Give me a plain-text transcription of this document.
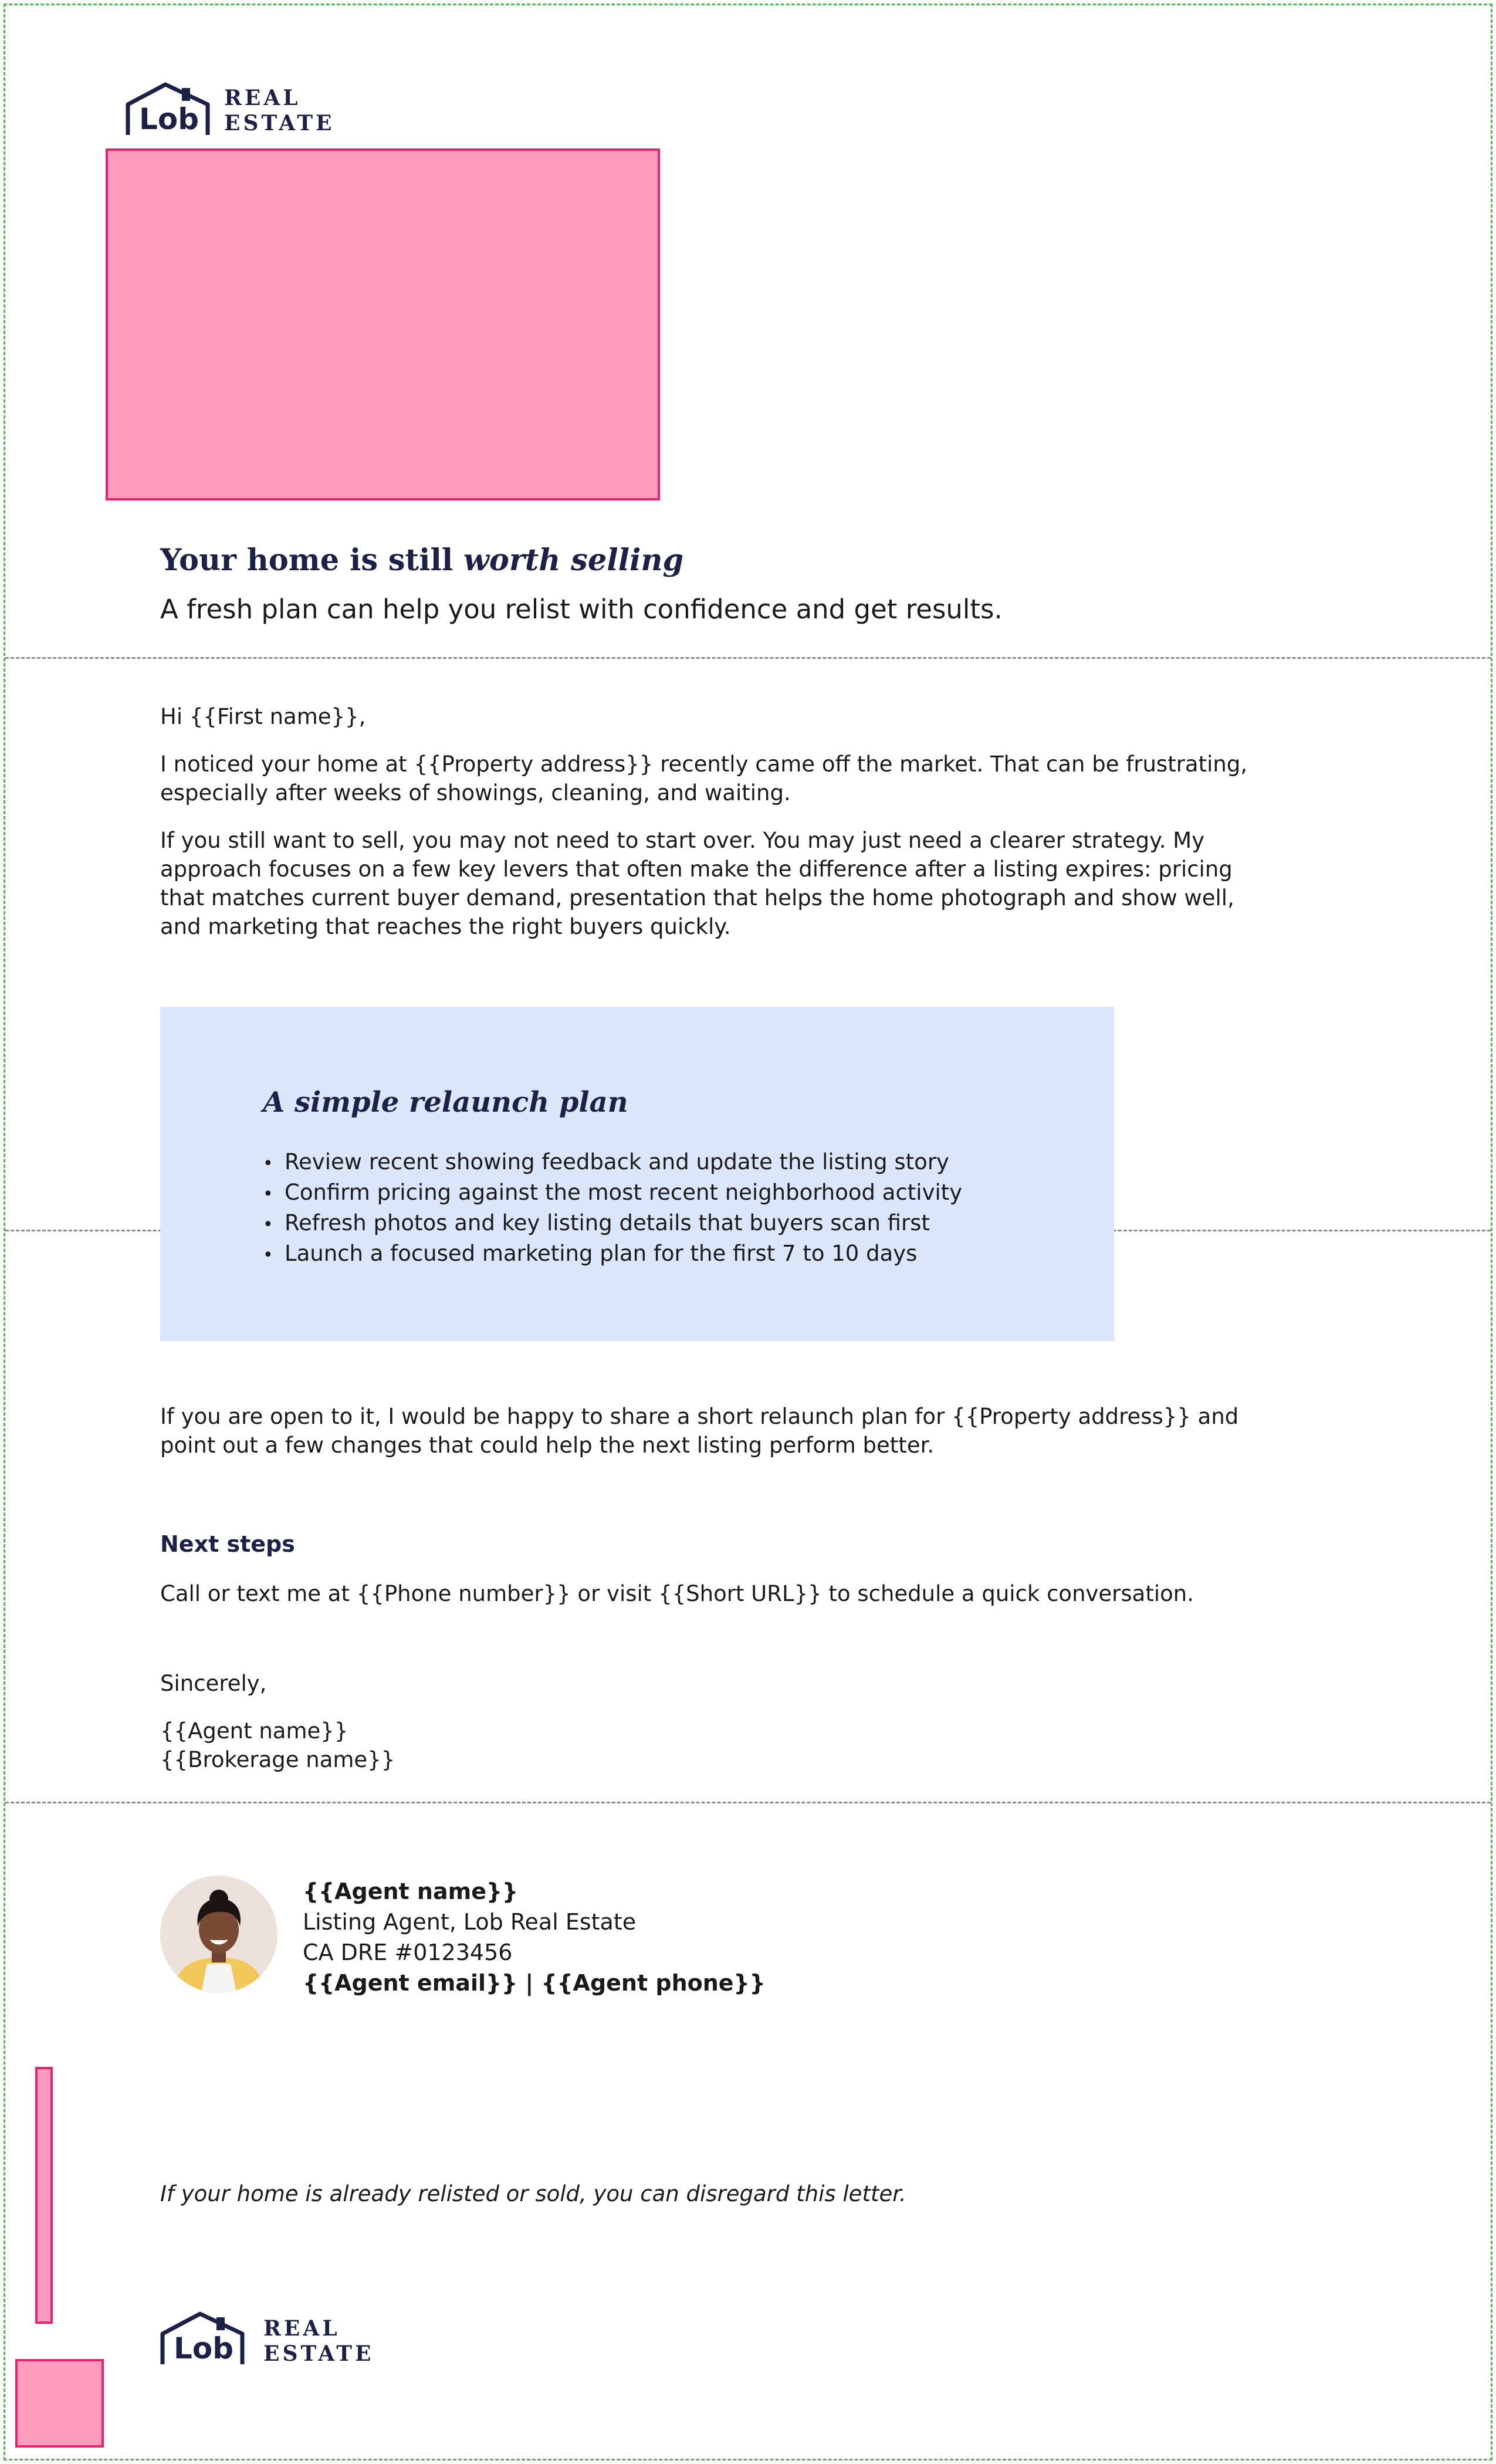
Lob
REAL
ESTATE
Your home is still worth selling
A fresh plan can help you relist with confidence and get results.
Hi {{First name}},
I noticed your home at {{Property address}} recently came off the market. That can be frustrating, especially after weeks of showings, cleaning, and waiting.
If you still want to sell, you may not need to start over. You may just need a clearer strategy. My approach focuses on a few key levers that often make the difference after a listing expires: pricing that matches current buyer demand, presentation that helps the home photograph and show well, and marketing that reaches the right buyers quickly.
A simple relaunch plan
• Review recent showing feedback and update the listing story
• Confirm pricing against the most recent neighborhood activity
• Refresh photos and key listing details that buyers scan first
• Launch a focused marketing plan for the first 7 to 10 days
If you are open to it, I would be happy to share a short relaunch plan for {{Property address}} and point out a few changes that could help the next listing perform better.
Next steps
Call or text me at {{Phone number}} or visit {{Short URL}} to schedule a quick conversation.
Sincerely,
{{Agent name}}
{{Brokerage name}}
{{Agent name}}
Listing Agent, Lob Real Estate
CA DRE #0123456
{{Agent email}} | {{Agent phone}}
If your home is already relisted or sold, you can disregard this letter.
Lob
REAL
ESTATE
